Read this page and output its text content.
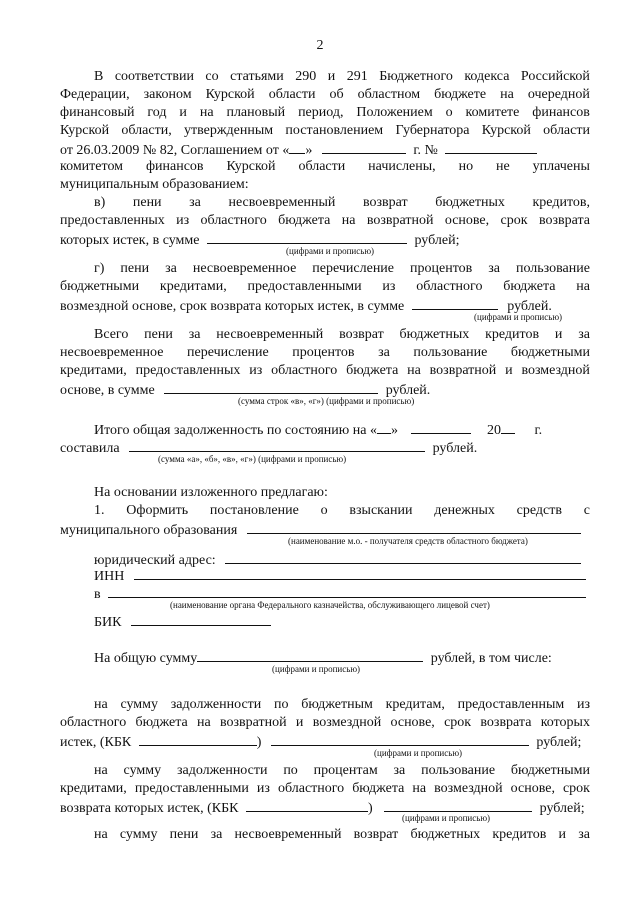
2
В соответствии со статьями 290 и 291 Бюджетного кодекса Российской
Федерации, законом Курской области об областном бюджете на очередной
финансовый год и на плановый период, Положением о комитете финансов
Курской области, утвержденным постановлением Губернатора Курской области
от 26.03.2009 № 82, Соглашением от « »	г. №
комитетом финансов Курской области начислены, но не уплачены
муниципальным образованием:
в) пени за несвоевременный возврат бюджетных кредитов,
предоставленных из областного бюджета на возвратной основе, срок возврата
которых истек, в сумме	рублей;
(цифрами и прописью)
г) пени за несвоевременное перечисление процентов за пользование
бюджетными кредитами, предоставленными из областного бюджета на
возмездной основе, срок возврата которых истек, в сумме	рублей.
(цифрами и прописью)
Всего пени за несвоевременный возврат бюджетных кредитов и за
несвоевременное перечисление процентов за пользование бюджетными
кредитами, предоставленных из областного бюджета на возвратной и возмездной
основе, в сумме	рублей.
(сумма строк «в», «г») (цифрами и прописью)
Итого общая задолженность по состоянию на « »	20 г.
составила	рублей.
(сумма «а», «б», «в», «г») (цифрами и прописью)
На основании изложенного предлагаю:
1. Оформить постановление о взыскании денежных средств с
муниципального образования
(наименование м.о. - получателя средств областного бюджета)
юридический адрес:
ИНН
в
(наименование органа Федерального казначейства, обслуживающего лицевой счет)
БИК
На общую сумму	рублей, в том числе:
(цифрами и прописью)
на сумму задолженности по бюджетным кредитам, предоставленным из
областного бюджета на возвратной и возмездной основе, срок возврата которых
истек, (КБК	)	рублей;
(цифрами и прописью)
на сумму задолженности по процентам за пользование бюджетными
кредитами, предоставленными из областного бюджета на возмездной основе, срок
возврата которых истек, (КБК	)	рублей;
(цифрами и прописью)
на сумму пени за несвоевременный возврат бюджетных кредитов и за
